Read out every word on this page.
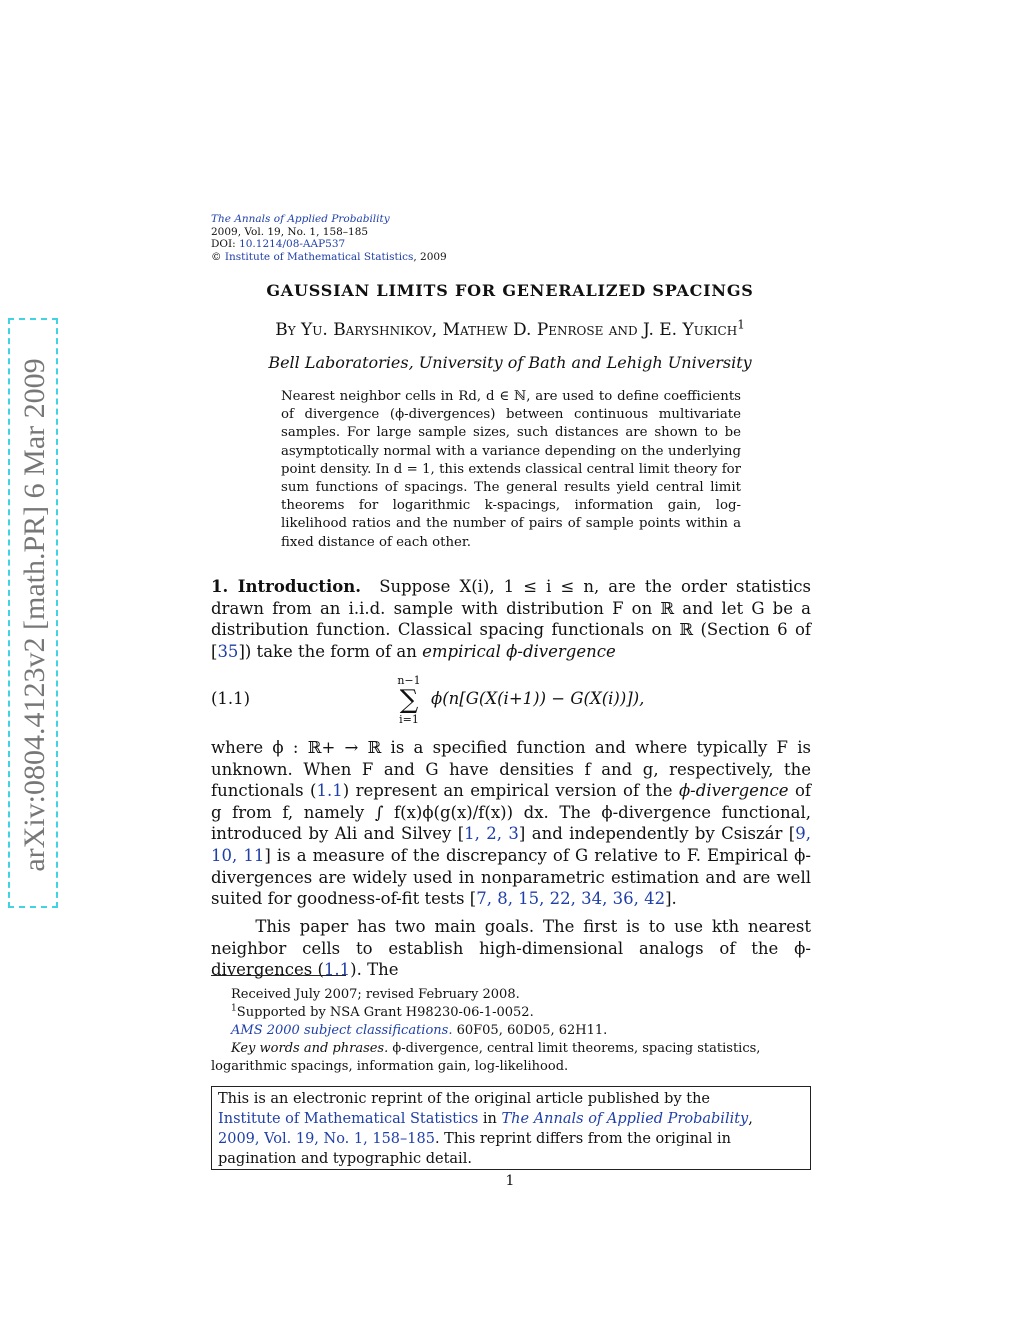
arXiv:0804.4123v2 [math.PR] 6 Mar 2009
The Annals of Applied Probability
2009, Vol. 19, No. 1, 158–185
DOI: 10.1214/08-AAP537
© Institute of Mathematical Statistics, 2009
GAUSSIAN LIMITS FOR GENERALIZED SPACINGS
By Yu. Baryshnikov, Mathew D. Penrose and J. E. Yukich$^1$
Bell Laboratories, University of Bath and Lehigh University
Nearest neighbor cells in Rd, d ∈ ℕ, are used to define coefficients of divergence (ϕ-divergences) between continuous multivariate samples. For large sample sizes, such distances are shown to be asymptotically normal with a variance depending on the underlying point density. In d = 1, this extends classical central limit theory for sum functions of spacings. The general results yield central limit theorems for logarithmic k-spacings, information gain, log-likelihood ratios and the number of pairs of sample points within a fixed distance of each other.
1. Introduction. Suppose X(i), 1 ≤ i ≤ n, are the order statistics drawn from an i.i.d. sample with distribution F on ℝ and let G be a distribution function. Classical spacing functionals on ℝ (Section 6 of [35]) take the form of an empirical ϕ-divergence
(1.1)
n−1
∑
i=1
ϕ(n[G(X(i+1)) − G(X(i))]),
where ϕ : ℝ+ → ℝ is a specified function and where typically F is unknown. When F and G have densities f and g, respectively, the functionals (1.1) represent an empirical version of the ϕ-divergence of g from f, namely ∫ f(x)ϕ(g(x)/f(x)) dx. The ϕ-divergence functional, introduced by Ali and Silvey [1, 2, 3] and independently by Csiszár [9, 10, 11] is a measure of the discrepancy of G relative to F. Empirical ϕ-divergences are widely used in nonparametric estimation and are well suited for goodness-of-fit tests [7, 8, 15, 22, 34, 36, 42].
This paper has two main goals. The first is to use kth nearest neighbor cells to establish high-dimensional analogs of the ϕ-divergences (1.1). The
Received July 2007; revised February 2008.
$^1$Supported by NSA Grant H98230-06-1-0052.
AMS 2000 subject classifications. 60F05, 60D05, 62H11.
Key words and phrases. ϕ-divergence, central limit theorems, spacing statistics, logarithmic spacings, information gain, log-likelihood.
This is an electronic reprint of the original article published by the
Institute of Mathematical Statistics in The Annals of Applied Probability,
2009, Vol. 19, No. 1, 158–185. This reprint differs from the original in pagination and typographic detail.
1
